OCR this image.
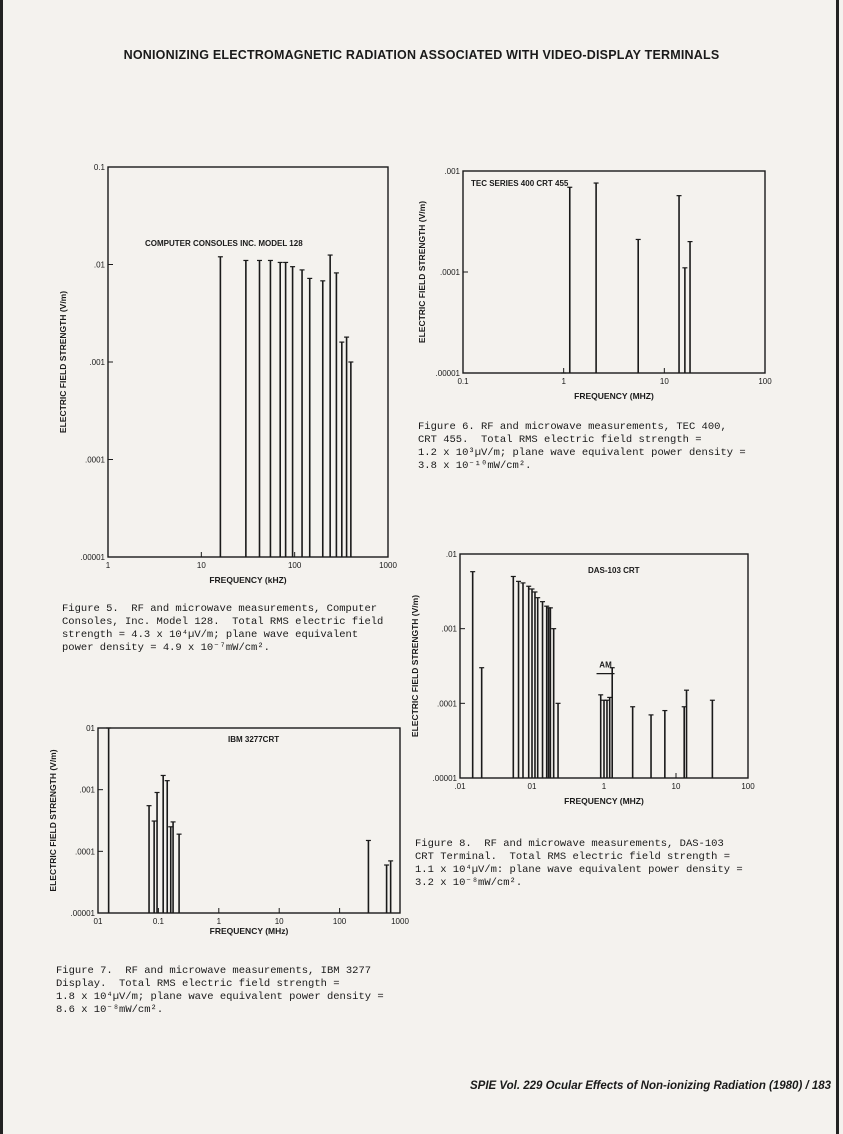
NONIONIZING ELECTROMAGNETIC RADIATION ASSOCIATED WITH VIDEO-DISPLAY TERMINALS
1	10	100	1000
.00001
.0001
.001
.01
0.1
ELECTRIC FIELD STRENGTH (V/m)
FREQUENCY (kHZ)
COMPUTER CONSOLES INC. MODEL 128
0.1	1	10	100
.00001
.0001
.001
ELECTRIC FIELD STRENGTH (V/m)
FREQUENCY (MHZ)
TEC SERIES 400 CRT 455
01	0.1	1	10	100	1000
.00001
.0001
.001
01
ELECTRIC FIELD STRENGTH (V/m)
FREQUENCY (MHz)
IBM 3277CRT
.01	01	1	10	100
.00001
.0001
.001
.01
ELECTRIC FIELD STRENGTH (V/m)
FREQUENCY (MHZ)
DAS-103 CRT
AM
Figure 5.  RF and microwave measurements, Computer
Consoles, Inc. Model 128.  Total RMS electric field
strength = 4.3 x 10⁴µV/m; plane wave equivalent
power density = 4.9 x 10⁻⁷mW/cm².
Figure 6. RF and microwave measurements, TEC 400,
CRT 455.  Total RMS electric field strength =
1.2 x 10³µV/m; plane wave equivalent power density =
3.8 x 10⁻¹⁰mW/cm².
Figure 7.  RF and microwave measurements, IBM 3277
Display.  Total RMS electric field strength =
1.8 x 10⁴µV/m; plane wave equivalent power density =
8.6 x 10⁻⁸mW/cm².
Figure 8.  RF and microwave measurements, DAS-103
CRT Terminal.  Total RMS electric field strength =
1.1 x 10⁴µV/m: plane wave equivalent power density =
3.2 x 10⁻⁸mW/cm².
SPIE Vol. 229 Ocular Effects of Non-ionizing Radiation (1980) / 183
